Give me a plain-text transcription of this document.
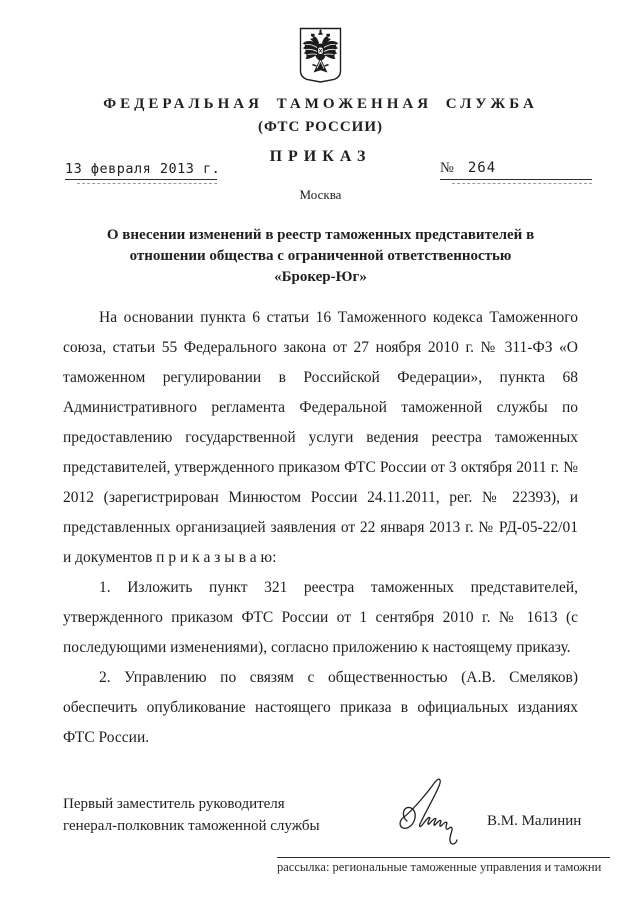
ФЕДЕРАЛЬНАЯ ТАМОЖЕННАЯ СЛУЖБА
(ФТС РОССИИ)
ПРИКАЗ
13 февраля 2013 г.	№	264
Москва
О внесении изменений в реестр таможенных представителей в
отношении общества с ограниченной ответственностью
«Брокер-Юг»

На основании пункта 6 статьи 16 Таможенного кодекса Таможенного союза, статьи 55 Федерального закона от 27 ноября 2010 г. № 311-ФЗ «О таможенном регулировании в Российской Федерации», пункта 68 Административного регламента Федеральной таможенной службы по предоставлению государственной услуги ведения реестра таможенных представителей, утвержденного приказом ФТС России от 3 октября 2011 г. № 2012 (зарегистрирован Минюстом России 24.11.2011, рег. № 22393), и представленных организацией заявления от 22 января 2013 г. № РД-05-22/01 и документов п р и к а з ы в а ю:

1. Изложить пункт 321 реестра таможенных представителей, утвержденного приказом ФТС России от 1 сентября 2010 г. № 1613 (с последующими изменениями), согласно приложению к настоящему приказу.

2. Управлению по связям с общественностью (А.В. Смеляков) обеспечить опубликование настоящего приказа в официальных изданиях ФТС России.

Первый заместитель руководителя
генерал-полковник таможенной службы	В.М. Малинин
рассылка: региональные таможенные управления и таможни
